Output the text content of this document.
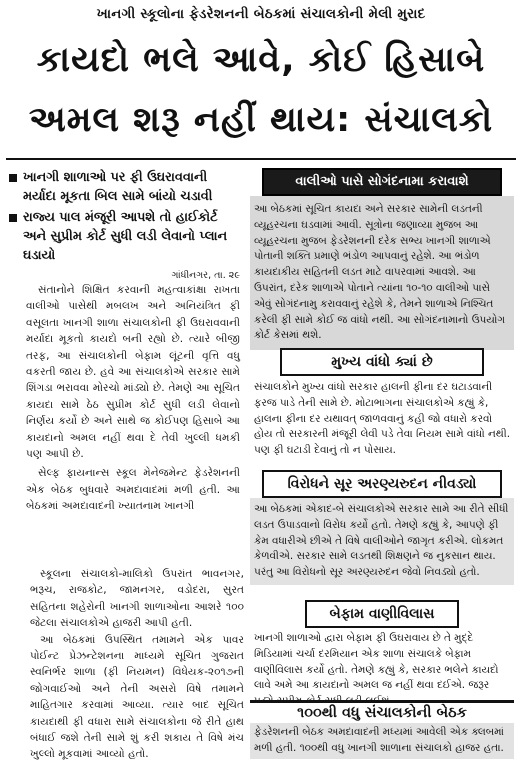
ખાનગી સ્કૂલોના ફેડરેશનની બેઠકમાં સંચાલકોની મેલી મુરાદ
કાયદો ભલે આવે, કોઈ હિસાબે
અમલ શરૂ નહીં થાય: સંચાલકો
ખાનગી શાળાઓ પર ફી ઉઘરાવવાની મર્યાદા મૂકતા બિલ સામે બાંયો ચડાવી
રાજ્ય પાલ મંજૂરી આપશે તો હાઈકોર્ટ અને સુપ્રીમ કોર્ટ સુધી લડી લેવાનો પ્લાન ઘડાયો
ગાંધીનગર, તા. ૨૯

સંતાનોને શિક્ષિત કરવાની મહત્વાકાંક્ષા રાખતા વાલીઓ પાસેથી મબલખ અને અનિયંત્રિત ફી વસૂલતા ખાનગી શાળા સંચાલકોની ફી ઉઘરાવવાની મર્યાદા મૂકતો કાયદો બની રહ્યો છે. ત્યારે બીજી તરફ, આ સંચાલકોની બેફામ લૂંટની વૃત્તિ વધુ વકરતી જાય છે. હવે આ સંચાલકોએ સરકાર સામે શિંગડા ભરાવવા મોરચો માંડ્યો છે. તેમણે આ સૂચિત કાયદા સામે ઠેઠ સુપ્રીમ કોર્ટ સુધી લડી લેવાનો નિર્ણય કર્યો છે અને સાથે જ કોઈપણ હિસાબે આ કાયદાનો અમલ નહીં થવા દે તેવી ખુલ્લી ધમકી પણ આપી છે.

સેલ્ફ ફાયનાન્સ સ્કૂલ મેનેજમેન્ટ ફેડરેશનની એક બેઠક બુધવારે અમદાવાદમાં મળી હતી. આ બેઠકમાં અમદાવાદની ખ્યાતનામ ખાનગી

સ્કૂલના સંચાલકો-માલિકો ઉપરાંત ભાવનગર, ભરૂચ, રાજકોટ, જામનગર, વડોદરા, સુરત સહિતના શહેરોની ખાનગી શાળાઓના આશરે ૧૦૦ જેટલા સંચાલકોએ હાજરી આપી હતી.

આ બેઠકમાં ઉપસ્થિત તમામને એક પાવર પોઈન્ટ પ્રેઝન્ટેશનના માધ્યમે સૂચિત ગુજરાત સ્વનિર્ભર શાળા (ફી નિયમન) વિધેયક-૨૦૧૭ની જોગવાઈઓ અને તેની અસરો વિષે તમામને માહિતગાર કરવામાં આવ્યા. ત્યાર બાદ સૂચિત કાયદાથી ફી વધારા સામે સંચાલકોના જે રીતે હાથ બંધાઈ જશે તેની સામે શું કરી શકાય તે વિષે મંચ ખુલ્લો મૂકવામાં આવ્યો હતો.

વાલીઓ પાસે સોગંદનામા કરાવાશે

આ બેઠકમાં સૂચિત કાયદા અને સરકાર સામેની લડતની વ્યૂહરચના ઘડવામાં આવી. સૂત્રોના જણાવ્યા મુજબ આ વ્યૂહરચના મુજબ ફેડરેશનની દરેક સભ્ય ખાનગી શાળાએ પોતાની શક્તિ પ્રમાણે ભંડોળ આપવાનું રહેશે. આ ભંડોળ કાયદાકીય સહિતની લડત માટે વાપરવામાં આવશે. આ ઉપરાંત, દરેક શાળાએ પોતાને ત્યાંના ૧૦-૧૦ વાલીઓ પાસે એવું સોગંદનામુ કરાવવાનું રહેશે કે, તેમને શાળાએ નિશ્ચિત કરેલી ફી સામે કોઈ જ વાંધો નથી. આ સોગંદનામાનો ઉપયોગ કોર્ટ કેસમાં થશે.

મુખ્ય વાંધો ક્યાં છે

સંચાલકોને મુખ્ય વાંધો સરકાર હાલની ફીના દર ઘટાડવાની ફરજ પાડે તેની સામે છે. મોટાભાગના સંચાલકોએ કહ્યું કે, હાલના ફીના દર યથાવત્ જાળવવાનું કહી જો વધારો કરવો હોય તો સરકારની મંજૂરી લેવી પડે તેવા નિયમ સામે વાંધો નથી. પણ ફી ઘટાડી દેવાનું તો ન પોસાય.

વિરોધને સૂર અરણ્યરુદન નીવડ્યો

આ બેઠકમાં એકાદ-બે સંચાલકોએ સરકાર સામે આ રીતે સીધી લડત ઉપાડવાનો વિરોધ કર્યો હતો. તેમણે કહ્યું કે, આપણે ફી કેમ વધારીએ છીએ તે વિષે વાલીઓને જાગૃત કરીએ. લોકમત કેળવીએ. સરકાર સામે લડતથી શિક્ષણને જ નુકસાન થાય. પરંતુ આ વિરોધનો સૂર અરણ્યરુદન જેવો નિવડ્યો હતો.

બેફામ વાણીવિલાસ

ખાનગી શાળાઓ દ્વારા બેફામ ફી ઉઘરાવાય છે તે મુદ્દે મિડિયામાં ચર્ચા દરમિયાન એક શાળા સંચાલકે બેફામ વાણીવિલાસ કર્યો હતો. તેમણે કહ્યું કે, સરકાર ભલેને કાયદો લાવે અમે આ કાયદાનો અમલ જ નહીં થવા દઈએ. જરૂર

૧૦૦થી વધુ સંચાલકોની બેઠક

ફેડરેશનની બેઠક અમદાવાદની મધ્યમાં આવેલી એક ક્લબમાં મળી હતી. ૧૦૦થી વધુ ખાનગી શાળાના સંચાલકો હાજર હતા.
